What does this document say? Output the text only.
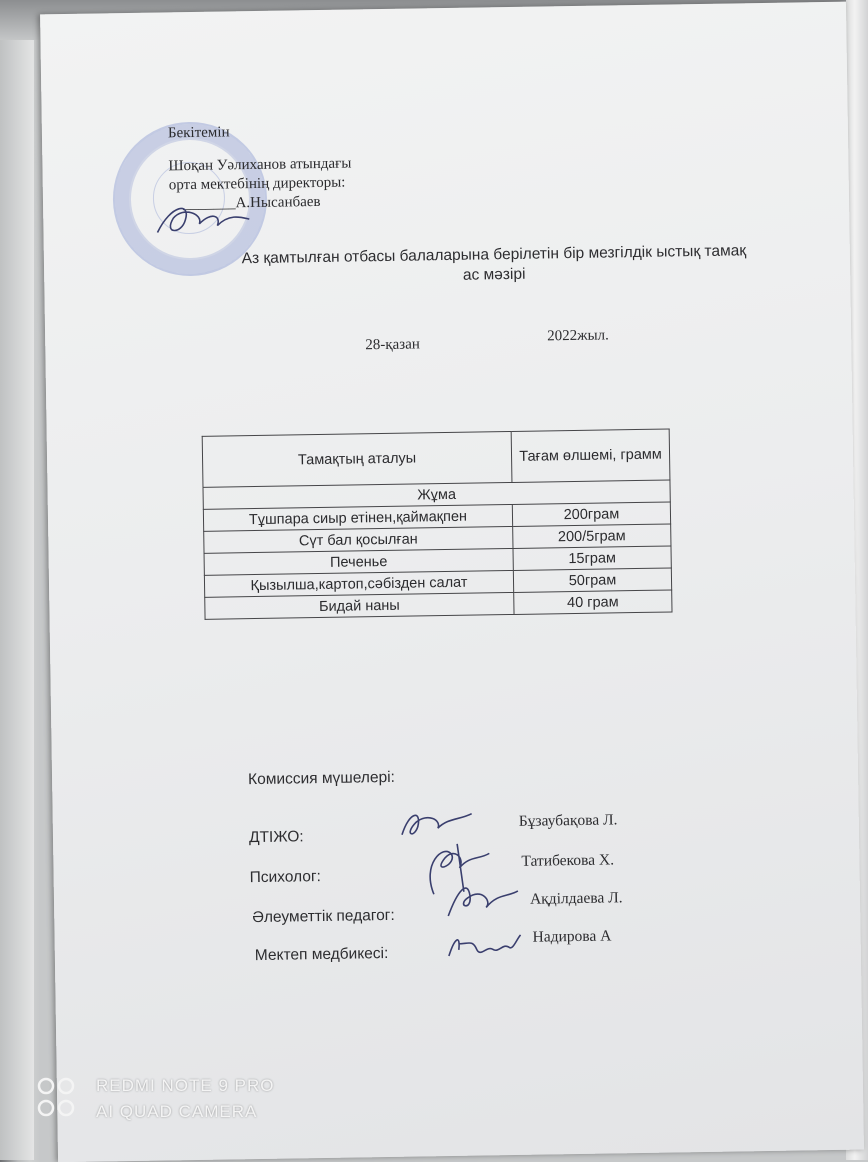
Бекітемін
Шоқан Уәлиханов атындағы
орта мектебінің директоры:
_______А.Нысанбаев
Аз қамтылған отбасы балаларына берілетін бір мезгілдік ыстық тамақ
ас мәзірі
28-қазан
2022жыл.
Тамақтың аталуы	Тағам өлшемі, грамм
Жұма	
Тұшпара сиыр етінен,қаймақпен	200грам
Сүт бал қосылған	200/5грам
Печенье	15грам
Қызылша,картоп,сәбізден салат	50грам
Бидай наны	40 грам
Комиссия мүшелері:
ДТІЖО:
Бұзаубақова Л.
Психолог:
Татибекова Х.
Әлеуметтік педагог:
Ақділдаева Л.
Мектеп медбикесі:
Надирова А
REDMI NOTE 9 PRO
AI QUAD CAMERA
